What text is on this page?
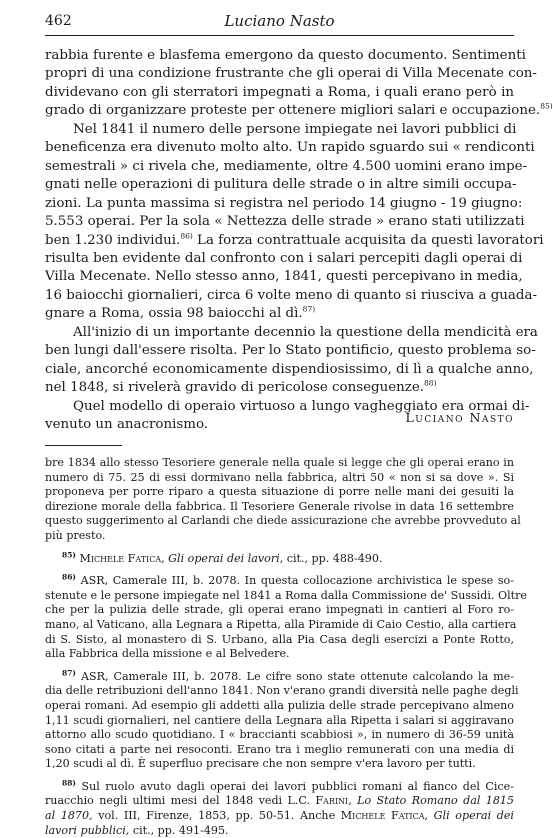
462	Luciano Nasto

rabbia furente e blasfema emergono da questo documento. Sentimenti
propri di una condizione frustrante che gli operai di Villa Mecenate con-
dividevano con gli sterratori impegnati a Roma, i quali erano però in
grado di organizzare proteste per ottenere migliori salari e occupazione.$^{85)}$

Nel 1841 il numero delle persone impiegate nei lavori pubblici di
beneficenza era divenuto molto alto. Un rapido sguardo sui « rendiconti
semestrali » ci rivela che, mediamente, oltre 4.500 uomini erano impe-
gnati nelle operazioni di pulitura delle strade o in altre simili occupa-
zioni. La punta massima si registra nel periodo 14 giugno - 19 giugno:
5.553 operai. Per la sola « Nettezza delle strade » erano stati utilizzati
ben 1.230 individui.$^{86)}$ La forza contrattuale acquisita da questi lavoratori
risulta ben evidente dal confronto con i salari percepiti dagli operai di
Villa Mecenate. Nello stesso anno, 1841, questi percepivano in media,
16 baiocchi giornalieri, circa 6 volte meno di quanto si riusciva a guada-
gnare a Roma, ossia 98 baiocchi al dì.$^{87)}$

All'inizio di un importante decennio la questione della mendicità era
ben lungi dall'essere risolta. Per lo Stato pontificio, questo problema so-
ciale, ancorché economicamente dispendiosissimo, di lì a qualche anno,
nel 1848, si rivelerà gravido di pericolose conseguenze.$^{88)}$

Quel modello di operaio virtuoso a lungo vagheggiato era ormai di-
venuto un anacronismo.	Luciano Nasto
bre 1834 allo stesso Tesoriere generale nella quale si legge che gli operai erano in
numero di 75. 25 di essi dormivano nella fabbrica, altri 50 « non si sa dove ». Si
proponeva per porre riparo a questa situazione di porre nelle mani dei gesuiti la
direzione morale della fabbrica. Il Tesoriere Generale rivolse in data 16 settembre
questo suggerimento al Carlandi che diede assicurazione che avrebbe provveduto al
più presto.
$^{85)}$ Michele Fatica, Gli operai dei lavori, cit., pp. 488-490.
$^{86)}$ ASR, Camerale III, b. 2078. In questa collocazione archivistica le spese so-
stenute e le persone impiegate nel 1841 a Roma dalla Commissione de' Sussidi. Oltre
che per la pulizia delle strade, gli operai erano impegnati in cantieri al Foro ro-
mano, al Vaticano, alla Legnara a Ripetta, alla Piramide di Caio Cestio, alla cartiera
di S. Sisto, al monastero di S. Urbano, alla Pia Casa degli esercizi a Ponte Rotto,
alla Fabbrica della missione e al Belvedere.
$^{87)}$ ASR, Camerale III, b. 2078. Le cifre sono state ottenute calcolando la me-
dia delle retribuzioni dell'anno 1841. Non v'erano grandi diversità nelle paghe degli
operai romani. Ad esempio gli addetti alla pulizia delle strade percepivano almeno
1,11 scudi giornalieri, nel cantiere della Legnara alla Ripetta i salari si aggiravano
attorno allo scudo quotidiano. I « braccianti scabbiosi », in numero di 36-59 unità
sono citati a parte nei resoconti. Erano tra i meglio remunerati con una media di
1,20 scudi al dì. È superfluo precisare che non sempre v'era lavoro per tutti.
$^{88)}$ Sul ruolo avuto dagli operai dei lavori pubblici romani al fianco del Cice-
ruacchio negli ultimi mesi del 1848 vedi L.C. Farini, Lo Stato Romano dal 1815
al 1870, vol. III, Firenze, 1853, pp. 50-51. Anche Michele Fatica, Gli operai dei
lavori pubblici, cit., pp. 491-495.
